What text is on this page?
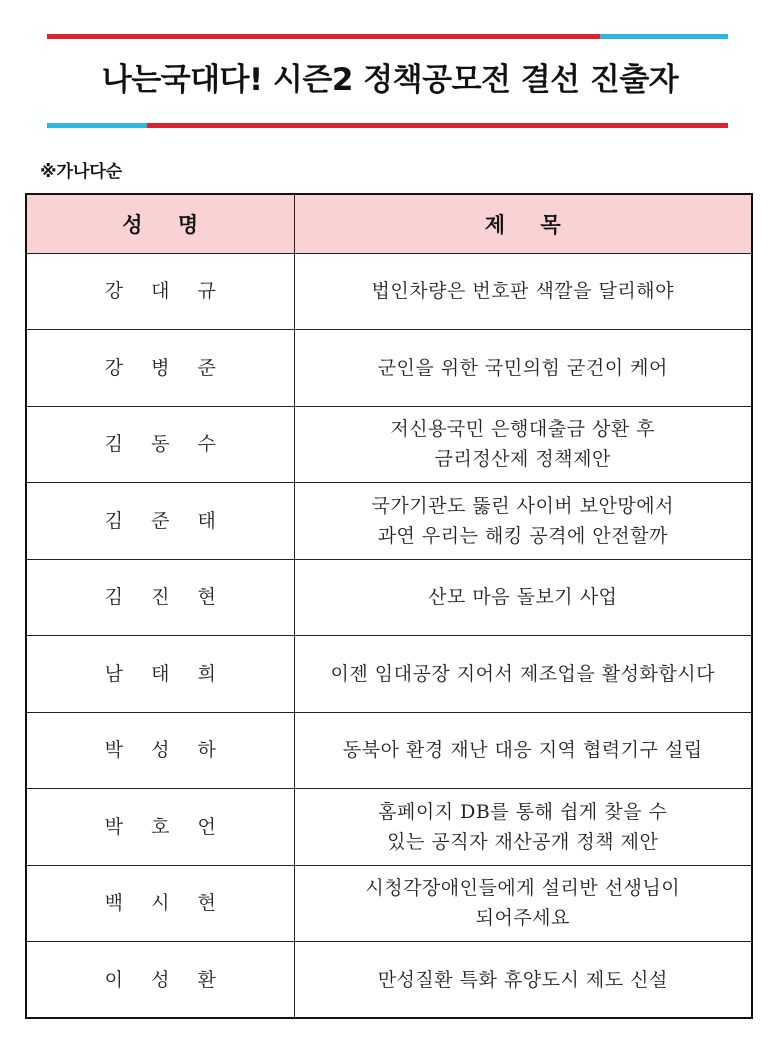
나는국대다! 시즌2 정책공모전 결선 진출자
※가나다순
성 명	제 목
강 대 규	법인차량은 번호판 색깔을 달리해야

강 병 준	군인을 위한 국민의힘 굳건이 케어

김 동 수	저신용국민 은행대출금 상환 후
금리정산제 정책제안

김 준 태	국가기관도 뚫린 사이버 보안망에서
과연 우리는 해킹 공격에 안전할까

김 진 현	산모 마음 돌보기 사업

남 태 희	이젠 임대공장 지어서 제조업을 활성화합시다

박 성 하	동북아 환경 재난 대응 지역 협력기구 설립

박 호 언	홈페이지 DB를 통해 쉽게 찾을 수
있는 공직자 재산공개 정책 제안

백 시 현	시청각장애인들에게 설리반 선생님이
되어주세요

이 성 환	만성질환 특화 휴양도시 제도 신설
